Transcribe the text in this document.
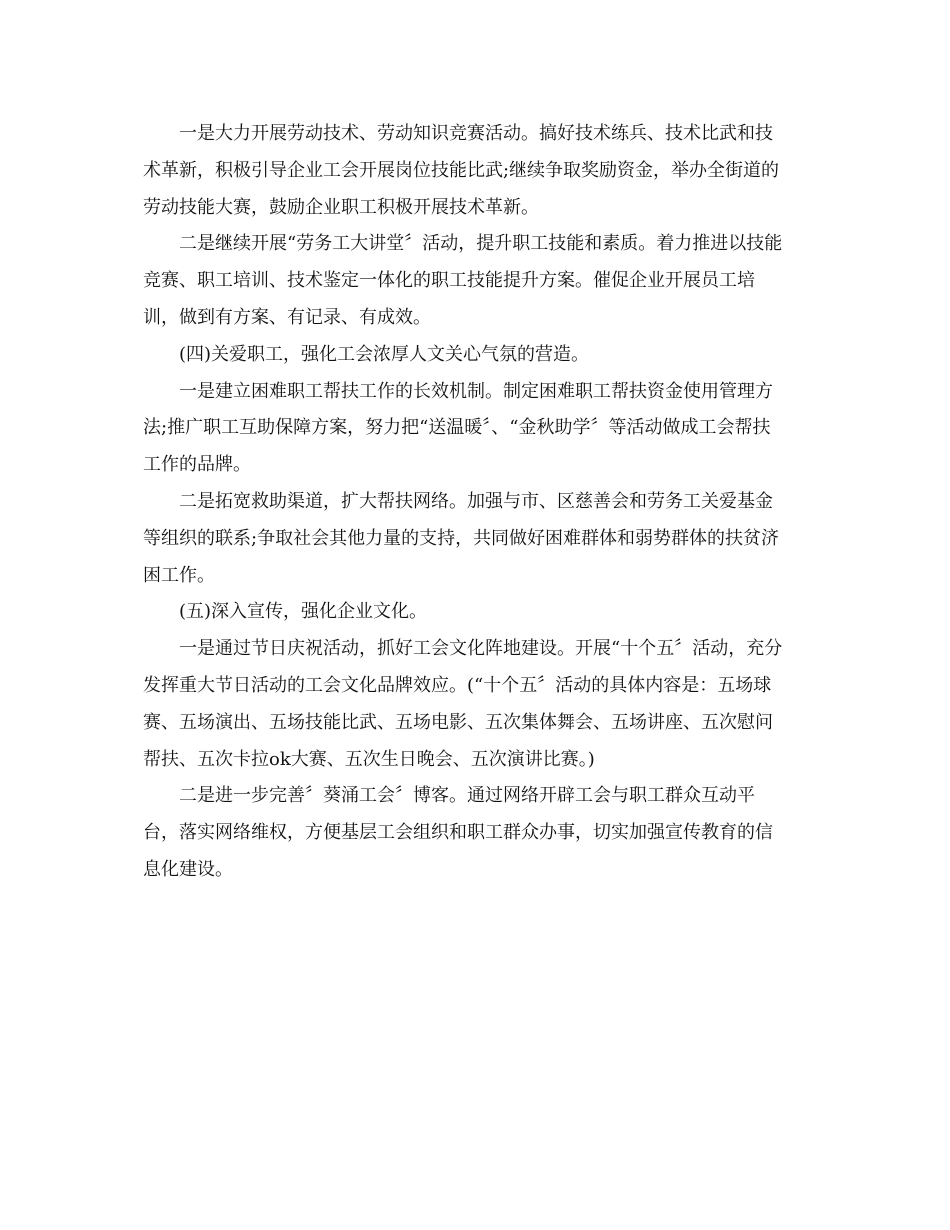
一是大力开展劳动技术、劳动知识竞赛活动。搞好技术练兵、技术比武和技
术革新，积极引导企业工会开展岗位技能比武;继续争取奖励资金，举办全街道的
劳动技能大赛，鼓励企业职工积极开展技术革新。

二是继续开展“劳务工大讲堂〞活动，提升职工技能和素质。着力推进以技能
竞赛、职工培训、技术鉴定一体化的职工技能提升方案。催促企业开展员工培
训，做到有方案、有记录、有成效。

(四)关爱职工，强化工会浓厚人文关心气氛的营造。

一是建立困难职工帮扶工作的长效机制。制定困难职工帮扶资金使用管理方
法;推广职工互助保障方案，努力把“送温暖〞、“金秋助学〞等活动做成工会帮扶
工作的品牌。

二是拓宽救助渠道，扩大帮扶网络。加强与市、区慈善会和劳务工关爱基金
等组织的联系;争取社会其他力量的支持，共同做好困难群体和弱势群体的扶贫济
困工作。

(五)深入宣传，强化企业文化。

一是通过节日庆祝活动，抓好工会文化阵地建设。开展“十个五〞活动，充分
发挥重大节日活动的工会文化品牌效应。(“十个五〞活动的具体内容是：五场球
赛、五场演出、五场技能比武、五场电影、五次集体舞会、五场讲座、五次慰问
帮扶、五次卡拉ok大赛、五次生日晚会、五次演讲比赛。)

二是进一步完善〞葵涌工会〞博客。通过网络开辟工会与职工群众互动平
台，落实网络维权，方便基层工会组织和职工群众办事，切实加强宣传教育的信
息化建设。
